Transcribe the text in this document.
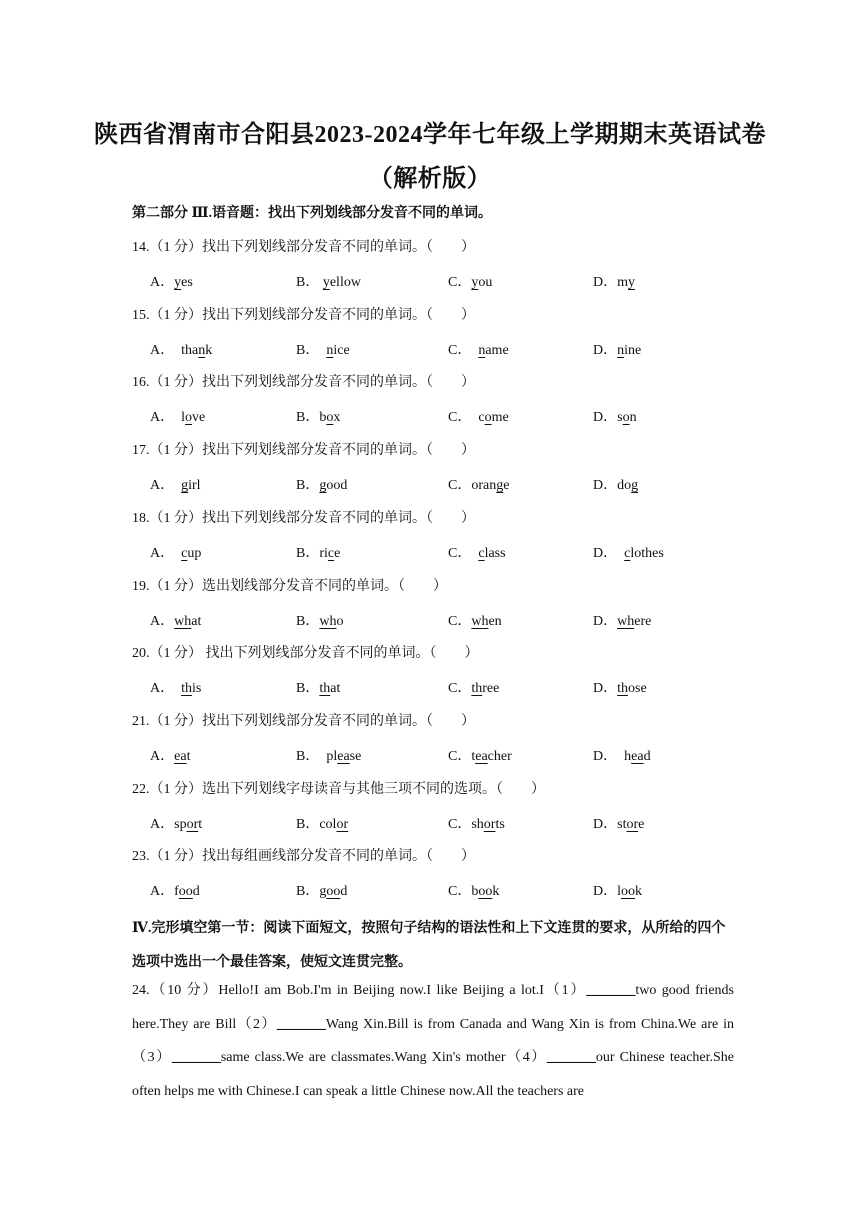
陕西省渭南市合阳县2023-2024学年七年级上学期期末英语试卷
（解析版）
第二部分 Ⅲ.语音题：找出下列划线部分发音不同的单词。
14.（1 分）找出下列划线部分发音不同的单词。（　　）
A．yes	B． yellow	C．you	D．my
15.（1 分）找出下列划线部分发音不同的单词。（　　）
A．  thank	B． nice	C． name	D．nine
16.（1 分）找出下列划线部分发音不同的单词。（　　）
A．  love	B．box	C．  come	D．son
17.（1 分）找出下列划线部分发音不同的单词。（　　）
A． girl	B．good	C．orange	D．dog
18.（1 分）找出下列划线部分发音不同的单词。（　　）
A． cup	B．rice	C． class	D． clothes
19.（1 分）选出划线部分发音不同的单词。（　　）
A．what	B．who	C．when	D．where
20.（1 分） 找出下列划线部分发音不同的单词。（　　）
A． this	B．that	C．three	D．those
21.（1 分）找出下列划线部分发音不同的单词。（　　）
A．eat	B．  please	C．teacher	D．  head
22.（1 分）选出下列划线字母读音与其他三项不同的选项。（　　）
A．sport	B．color	C．shorts	D．store
23.（1 分）找出每组画线部分发音不同的单词。（　　）
A．food	B．good	C．book	D．look
Ⅳ.完形填空第一节：阅读下面短文，按照句子结构的语法性和上下文连贯的要求，从所给的四个选项中选出一个最佳答案，使短文连贯完整。
24.（10 分）Hello!I am Bob.I'm in Beijing now.I like Beijing a lot.I（1）_______two good friends here.They are Bill（2）_______Wang Xin.Bill is from Canada and Wang Xin is from China.We are in（3）_______same class.We are classmates.Wang Xin's mother（4）_______our Chinese teacher.She often helps me with Chinese.I can speak a little Chinese now.All the teachers are
